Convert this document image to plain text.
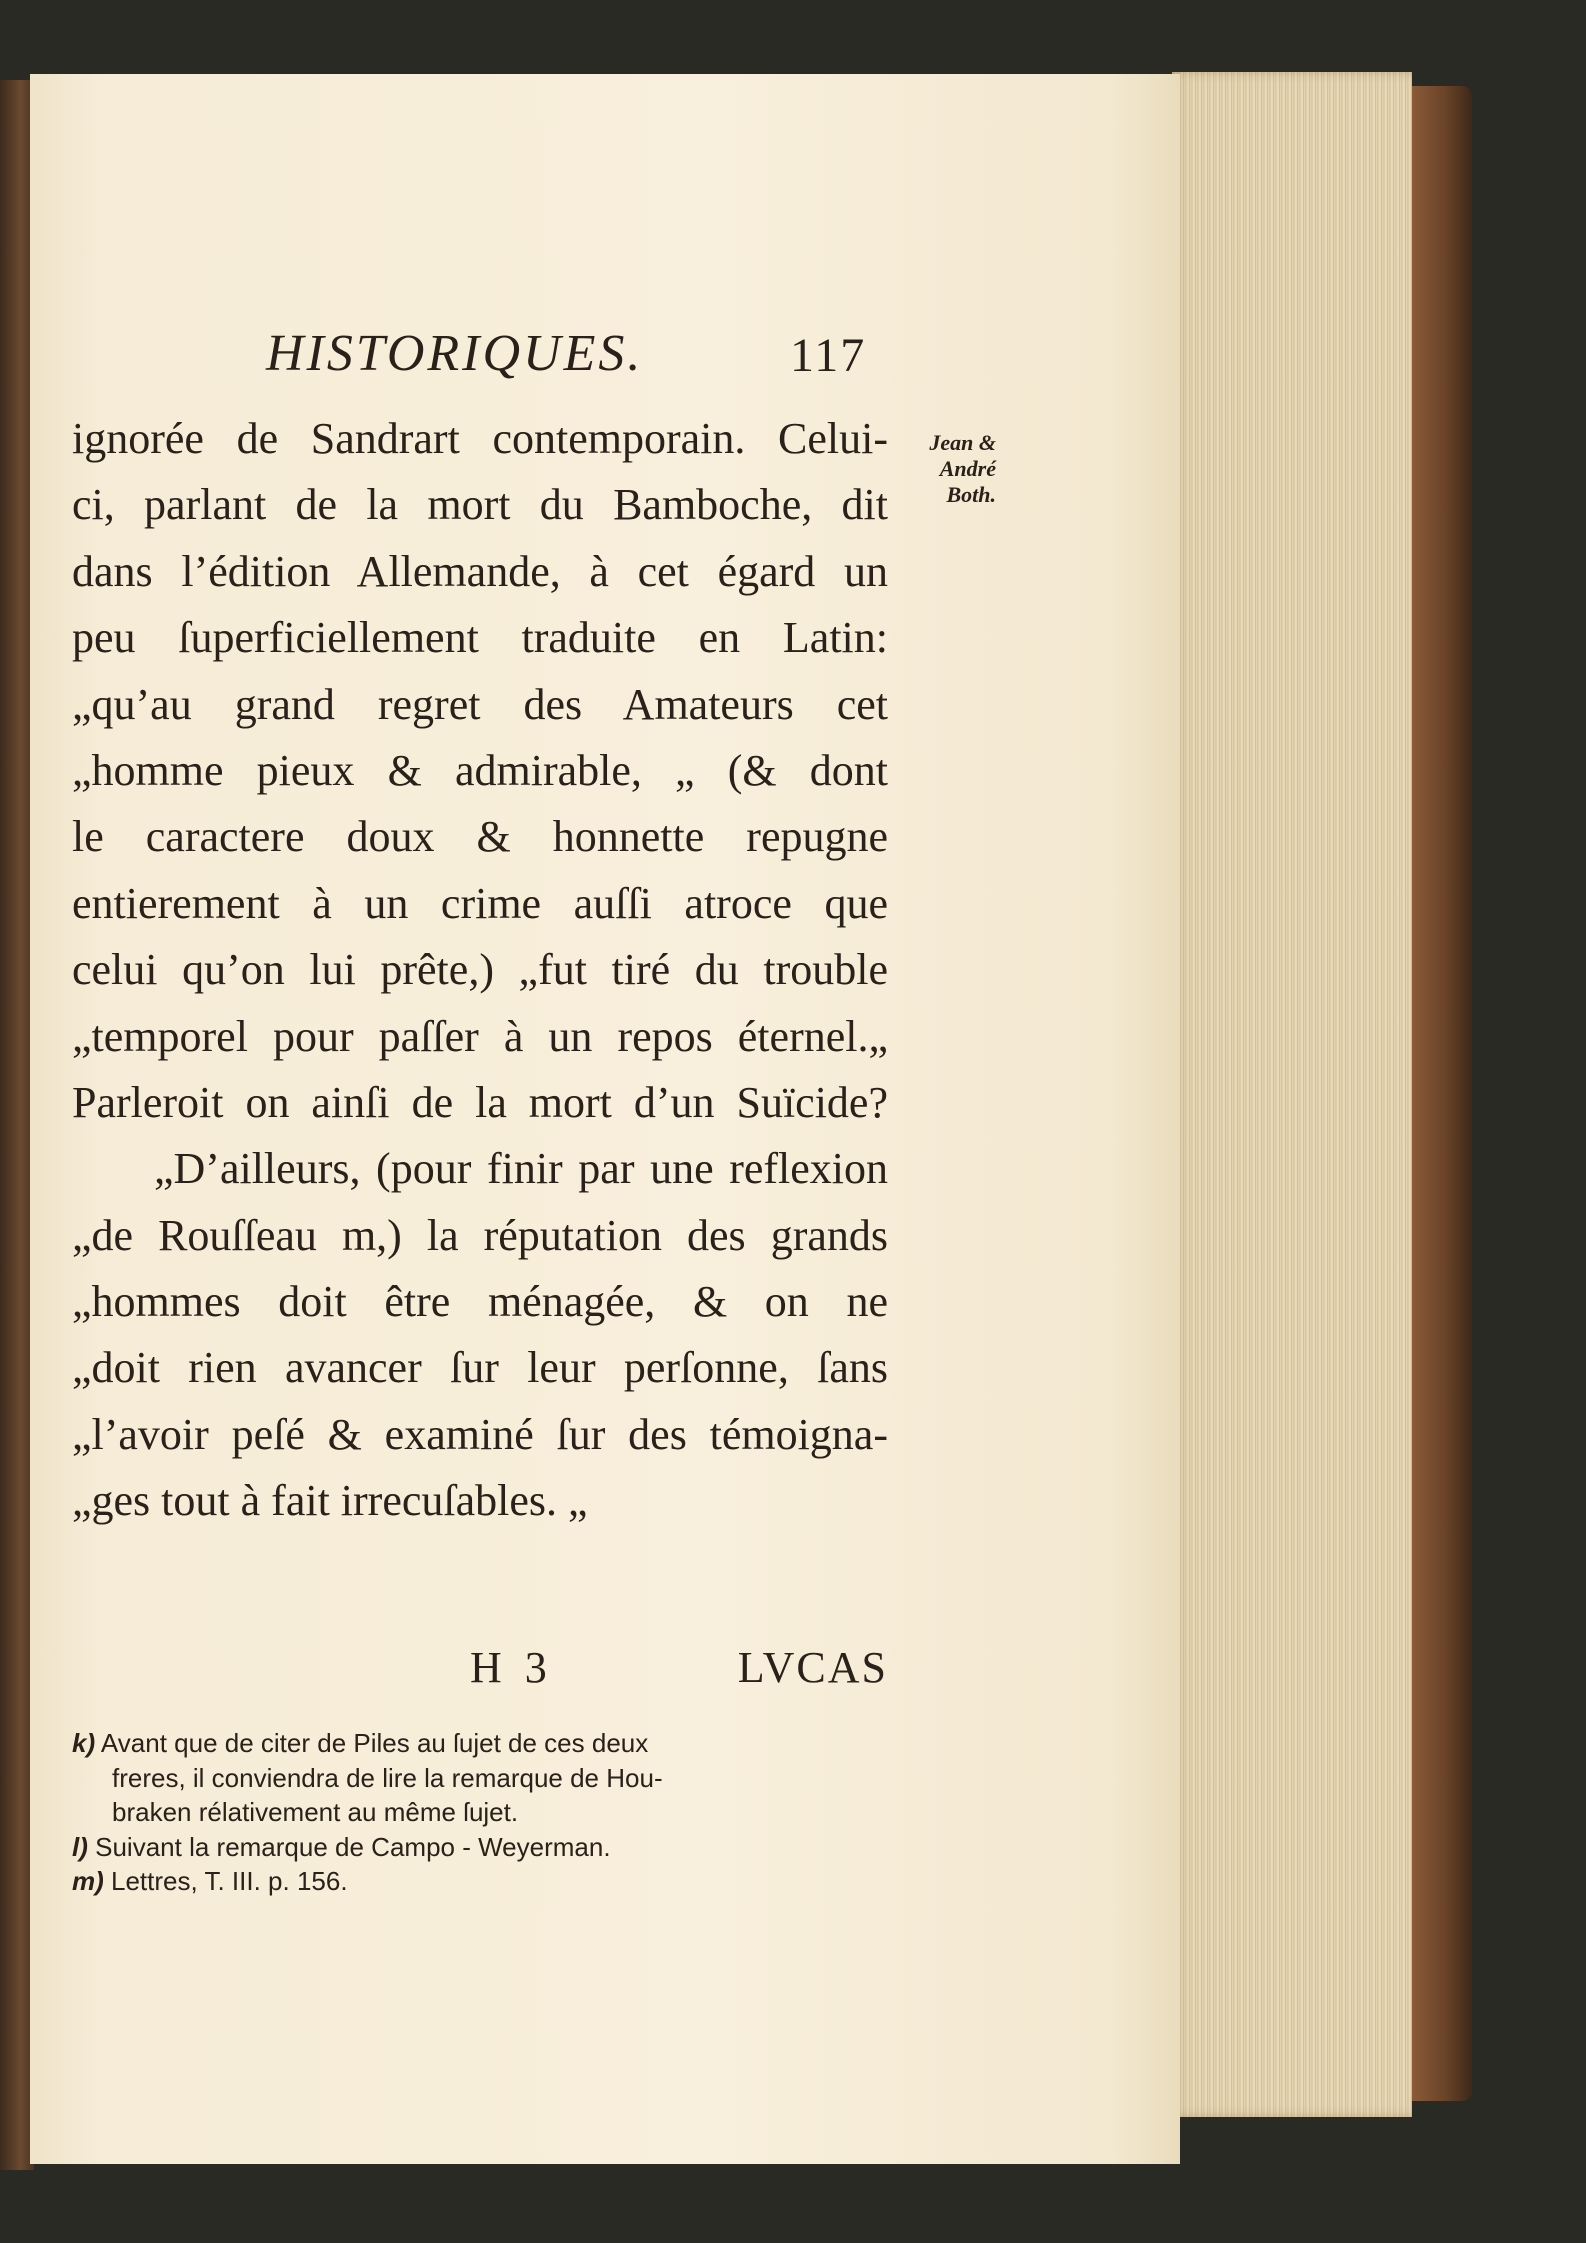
HISTORIQUES.	117
Jean &
André
Both.
ignorée de Sandrart contemporain. Celui-
ci, parlant de la mort du Bamboche, dit
dans l’édition Allemande, à cet égard un
peu ſuperficiellement traduite en Latin:
„qu’au grand regret des Amateurs cet
„homme pieux & admirable, „ (& dont
le caractere doux & honnette repugne
entierement à un crime auſſi atroce que
celui qu’on lui prête,) „fut tiré du trouble
„temporel pour paſſer à un repos éternel.„
Parleroit on ainſi de la mort d’un Suïcide?
„D’ailleurs, (pour finir par une reflexion
„de Rouſſeau m,) la réputation des grands
„hommes doit être ménagée, & on ne
„doit rien avancer ſur leur perſonne, ſans
„l’avoir peſé & examiné ſur des témoigna-
„ges tout à fait irrecuſables. „
H 3	LVCAS
k) Avant que de citer de Piles au ſujet de ces deux
freres, il conviendra de lire la remarque de Hou-
braken rélativement au même ſujet.
l) Suivant la remarque de Campo - Weyerman.
m) Lettres, T. III. p. 156.
